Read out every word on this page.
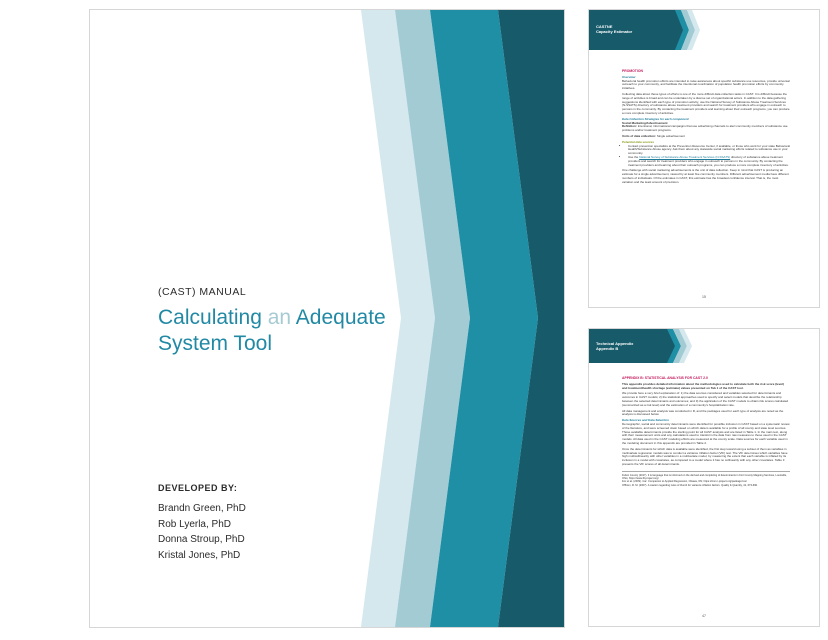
(CAST) MANUAL
Calculating an Adequate
System Tool
DEVELOPED BY:
Brandn Green, PhD
Rob Lyerla, PhD
Donna Stroup, PhD
Kristal Jones, PhD
CASTNE
Capacity Estimator
PROMOTION
Overview

Behavioral health promotion efforts are intended to raise awareness about specific substance use resources, provide universal outreach to your community, and facilitate the intentional coordination of population health promotion efforts by community initiatives.

Collecting data about these types of efforts is one of the more difficult data collection tasks in CAST. It is difficult because the range of activities is broad and can be undertaken by a diverse set of organizational actors. In addition to the data gathering suggestions identified with each type of promotion activity, use the National Survey of Substance Abuse Treatment Services (N-SSATS) directory of substance abuse treatment providers and search for treatment providers who engage in outreach to persons in the community. By contacting the treatment providers and learning about their outreach programs, you can produce a more complete inventory of activities.

Data Collection Strategies for each component
Social Marketing/Advertisement

Definition: Intentional, informational campaigns that use advertising channels to alert community members of substance use problems and/or treatment programs.

Units of data collection: Single advertisement

Potential data sources
• Contact prevention specialists at the Prevention Resource Center, if available, or those who work for your state Behavioral Health/Substance Abuse agency. Ask them about any statewide social marketing efforts related to substance use in your community.
• Use the National Survey of Substance Abuse Treatment Services (N-SSATS) directory of substance abuse treatment providers and search for treatment providers who engage in outreach to persons in the community. By contacting the treatment providers and learning about their outreach programs, you can produce a more complete inventory of activities.

One challenge with social marketing advertisements is the unit of data collection. Keep in mind that CAST is producing an estimate for a single advertisement, viewed by at least five community members. Different advertisement media have different numbers of individuals. Of the estimates in CAST, this estimate has the broadest confidence interval. That is, the most variation and the least amount of precision.

15
Technical Appendix
Appendix B
APPENDIX B: STATISTICAL ANALYSIS FOR CAST 2.0

This appendix provides detailed information about the methodologies used to calculate both the risk score (level) and treatment/health shortage (estimate) values presented on Tab 1 of the CAST tool.

We provide here a very brief explanation of: 1) the data sources considered and variables selected for determinants and outcomes in CAST models; 2) the statistical approaches used to specify and select models that describe the relationship between the selected determinants and outcomes; and 3) the application of the CAST models to obtain risk scores calculated (summarized as a risk level) and the estimation of a community's hospitalization rate.

All data management and analysis was conducted in R, and the packages used for each type of analysis are noted as the analysis is discussed below.

Data Sources and Data Selection

Demographic, social and community determinants were identified for possible inclusion in CAST based on a systematic review of the literature, and were screened down based on which data is available for a profile of all county and state level sources. Those available determinants provide the starting point for all CAST analysis and are listed in Table 1. In the main text, along with their measurement units and any calculations used to transform the data from raw measures to those used in the CAST models. All data used in the CAST modeling efforts are measured at the county scale. Data sources for each variable used in the modeling document in this appendix are provided in Table 2.

Once the determinants for which data is available were identified, the first step toward using a subset of them as variables in multivariate regression models was to conduct a variance inflation factor (VIF) test. The VIF determines which variables have high multicollinearity with other variables in a multivariate model, by measuring the extent that each variable is inflated by its inclusion in a model with covariates, as compared to a model where it has no collinearity with any other covariates. Table 3 presents the VIF scores of all determinants.

Fulton County (2017). It is language that is informed on the derived and completing of determinants in Fort County Mapping Services, Louisville, Ohio; https://www.R-project.org/
Fox et al. (2009). Car: Companion to Applied Regression, Ottawa, ON; https://cran.r-project.org/package=car
O'Brien, R. M. (2007). A caution regarding rules of thumb for variance inflation factors. Quality & Quantity, 41, 673-690.
47
